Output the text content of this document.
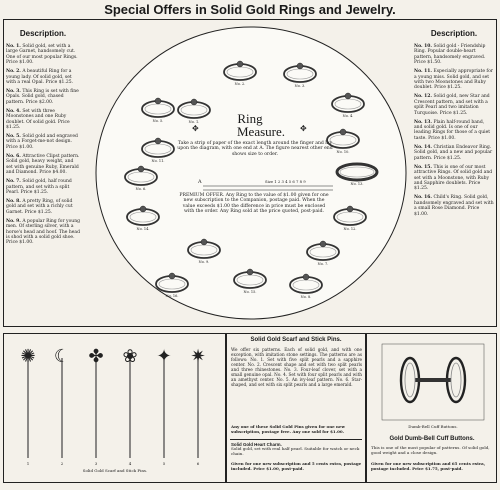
Special Offers in Solid Gold Rings and Jewelry.
Description.
No. 1. Solid gold, set with a large Garnet, handsomely cut. One of our most popular Rings. Price $1.00.
No. 2. A beautiful Ring for a young lady. Of solid gold, set with a real Opal. Price $1.25.
No. 3. This Ring is set with fine Opals. Solid gold, chased pattern. Price $2.00.
No. 4. Set with three Moonstones and one Ruby doublet. Of solid gold. Price $1.25.
No. 5. Solid gold and engraved with a Forget-me-not design. Price $1.00.
No. 6. Attractive Clipst pattern. Solid gold, heavy weight, and set with genuine Ruby, Emerald and Diamond. Price $4.00.
No. 7. Solid gold, half round pattern, and set with a split Pearl. Price $1.25.
No. 8. A pretty Ring, of solid gold and set with a richly cut Garnet. Price $1.25.
No. 9. A popular Ring for young men. Of sterling silver, with a horse's head and hoof. The head is shod with a solid gold shoe. Price $1.00.
Description.
No. 10. Solid gold - Friendship Ring. Popular double-heart pattern, handsomely engraved. Price $1.50.
No. 11. Especially appropriate for a young miss. Solid gold, and set with two Moonstones and Ruby doublet. Price $1.25.
No. 12. Solid gold, new Star and Crescent pattern, and set with a split Pearl and two imitation Turquoise. Price $1.25.
No. 13. Plain half-round band, and solid gold. Is one of our leading Rings for those of a quiet taste. Price $1.00.
No. 14. Christian Endeavor Ring. Solid gold, and a new and popular pattern. Price $1.25.
No. 15. This is one of our most attractive Rings. Of solid gold and set with a Moonstone, with Ruby and Sapphire doublets. Price $1.25.
No. 16. Child's Ring. Solid gold, handsomely engraved and set with a small Rose Diamond. Price $1.00.
Ring
Measure.
✥	✥
Take a strip of paper of the exact length around the finger and lay upon the diagram, with one end at A. The figure nearest other end shows size to order.
A	Size 1 2 3 4 5 6 7 8 9
PREMIUM OFFER. Any Ring to the value of $1.00 given for one new subscription to the Companion, postage paid. When the value exceeds $1.00 the difference in price must be enclosed with the order. Any Ring sold at the price quoted, post-paid.
No. 1.
No. 2.	No. 3.
No. 4.
No. 5.
No. 6.
No. 7.
No. 8.
No. 9.
No. 10.
No. 11.
No. 12.
No. 13.
No. 14.
No. 15.
No. 16.
✺ ☾ ✤ ❀ ✦ ✷
Solid Gold Scarf and Stick Pins.
1	2	3	4	5	6
Solid Gold Scarf and Stick Pins.
We offer six patterns. Each of solid gold, and with one exception, with imitation stone settings. The patterns are as follows: No. 1. Set with five split pearls and a sapphire center. No. 2. Crescent shape and set with two split pearls and three rhinestones. No. 3. Four-leaf clover, set with a small genuine opal. No. 4. Set with four split pearls and with an amethyst center. No. 5. An ivy-leaf pattern. No. 6. Star-shaped, and set with six split pearls and a large emerald.
Any one of these Solid Gold Pins given for one new subscription, postage free. Any one sold for $1.00.
Solid Gold Heart Charm.
Solid gold, set with real half pearl. Suitable for watch or neck chain.
Given for one new subscription and 5 cents extra, postage included. Price $1.00, post-paid.
Dumb-Bell Cuff Buttons.
Gold Dumb-Bell Cuff Buttons.
This is one of the most popular of patterns. Of solid gold, good weight and a close design.
Given for one new subscription and 65 cents extra, postage included. Price $1.75, post-paid.
